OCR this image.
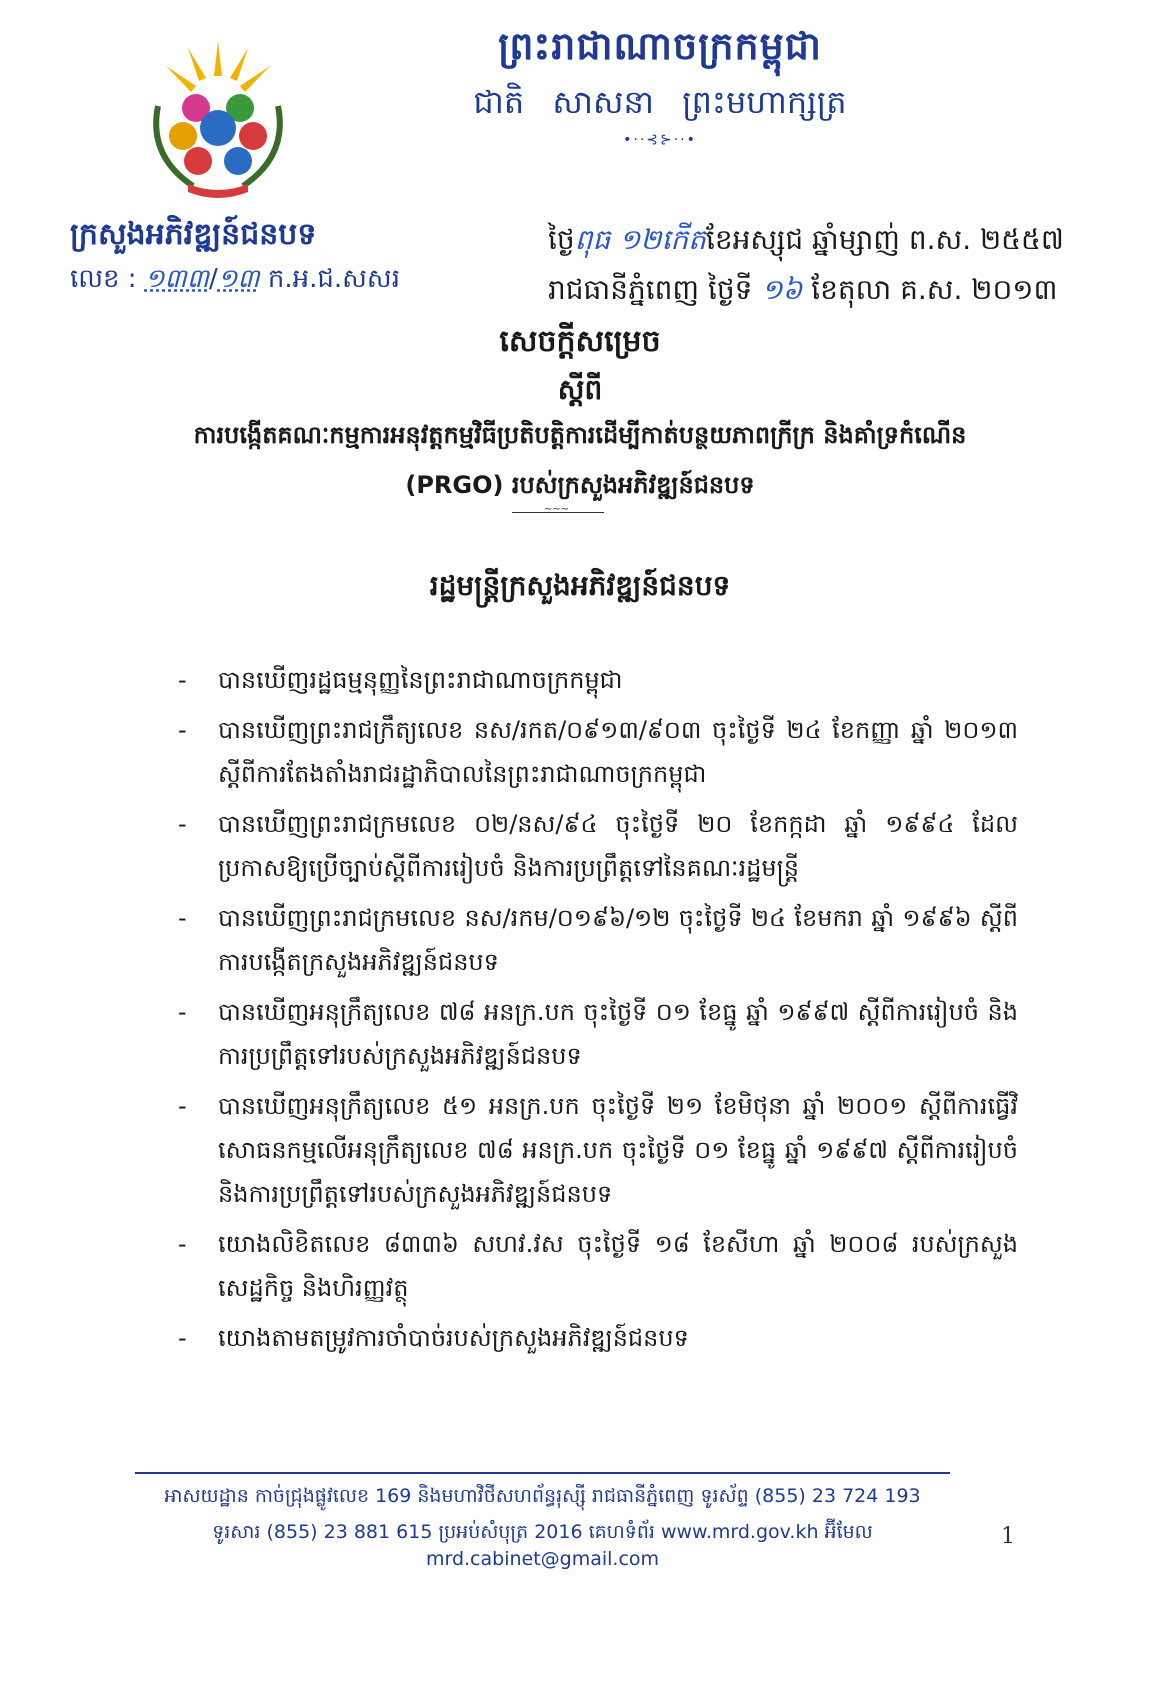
ព្រះរាជាណាចក្រកម្ពុជា
ជាតិ សាសនា ព្រះមហាក្សត្រ
•··⊰⊱··•
ក្រសួងអភិវឌ្ឍន៍ជនបទ
លេខ : ១៣៣/១៣ ក.អ.ជ.សសរ
ថ្ងៃពុធ ១២កើតខែអស្សុជ ឆ្នាំម្សាញ់ ព.ស. ២៥៥៧
រាជធានីភ្នំពេញ ថ្ងៃទី ១៦ ខែតុលា គ.ស. ២០១៣
សេចក្តីសម្រេច
ស្តីពី
ការបង្កើតគណៈកម្មការអនុវត្តកម្មវិធីប្រតិបត្តិការដើម្បីកាត់បន្ថយភាពក្រីក្រ និងគាំទ្រកំណើន
(PRGO) របស់ក្រសួងអភិវឌ្ឍន៍ជនបទ
~~~
រដ្ឋមន្ត្រីក្រសួងអភិវឌ្ឍន៍ជនបទ
- បានឃើញរដ្ឋធម្មនុញ្ញនៃព្រះរាជាណាចក្រកម្ពុជា
- បានឃើញព្រះរាជក្រឹត្យលេខ នស/រកត/០៩១៣/៩០៣ ចុះថ្ងៃទី ២៤ ខែកញ្ញា ឆ្នាំ ២០១៣ ស្តីពីការតែងតាំងរាជរដ្ឋាភិបាលនៃព្រះរាជាណាចក្រកម្ពុជា
- បានឃើញព្រះរាជក្រមលេខ ០២/នស/៩៤ ចុះថ្ងៃទី ២០ ខែកក្កដា ឆ្នាំ ១៩៩៤ ដែលប្រកាសឱ្យប្រើច្បាប់ស្តីពីការរៀបចំ និងការប្រព្រឹត្តទៅនៃគណៈរដ្ឋមន្ត្រី
- បានឃើញព្រះរាជក្រមលេខ នស/រកម/០១៩៦/១២ ចុះថ្ងៃទី ២៤ ខែមករា ឆ្នាំ ១៩៩៦ ស្តីពីការបង្កើតក្រសួងអភិវឌ្ឍន៍ជនបទ
- បានឃើញអនុក្រឹត្យលេខ ៧៨ អនក្រ.បក ចុះថ្ងៃទី ០១ ខែធ្នូ ឆ្នាំ ១៩៩៧ ស្តីពីការរៀបចំ និងការប្រព្រឹត្តទៅរបស់ក្រសួងអភិវឌ្ឍន៍ជនបទ
- បានឃើញអនុក្រឹត្យលេខ ៥១ អនក្រ.បក ចុះថ្ងៃទី ២១ ខែមិថុនា ឆ្នាំ ២០០១ ស្តីពីការធ្វើវិសោធនកម្មលើអនុក្រឹត្យលេខ ៧៨ អនក្រ.បក ចុះថ្ងៃទី ០១ ខែធ្នូ ឆ្នាំ ១៩៩៧ ស្តីពីការរៀបចំ និងការប្រព្រឹត្តទៅរបស់ក្រសួងអភិវឌ្ឍន៍ជនបទ
- យោងលិខិតលេខ ៨៣៣៦ សហវ.វស ចុះថ្ងៃទី ១៨ ខែសីហា ឆ្នាំ ២០០៨ របស់ក្រសួងសេដ្ឋកិច្ច និងហិរញ្ញវត្ថុ
- យោងតាមតម្រូវការចាំបាច់របស់ក្រសួងអភិវឌ្ឍន៍ជនបទ
អាសយដ្ឋាន កាច់ជ្រុងផ្លូវលេខ 169 និងមហាវិថីសហព័ន្ធរុស្ស៊ី រាជធានីភ្នំពេញ ទូរស័ព្ទ (855) 23 724 193
ទូរសារ (855) 23 881 615 ប្រអប់សំបុត្រ 2016 គេហទំព័រ www.mrd.gov.kh អ៊ីមែល mrd.cabinet@gmail.com
1
